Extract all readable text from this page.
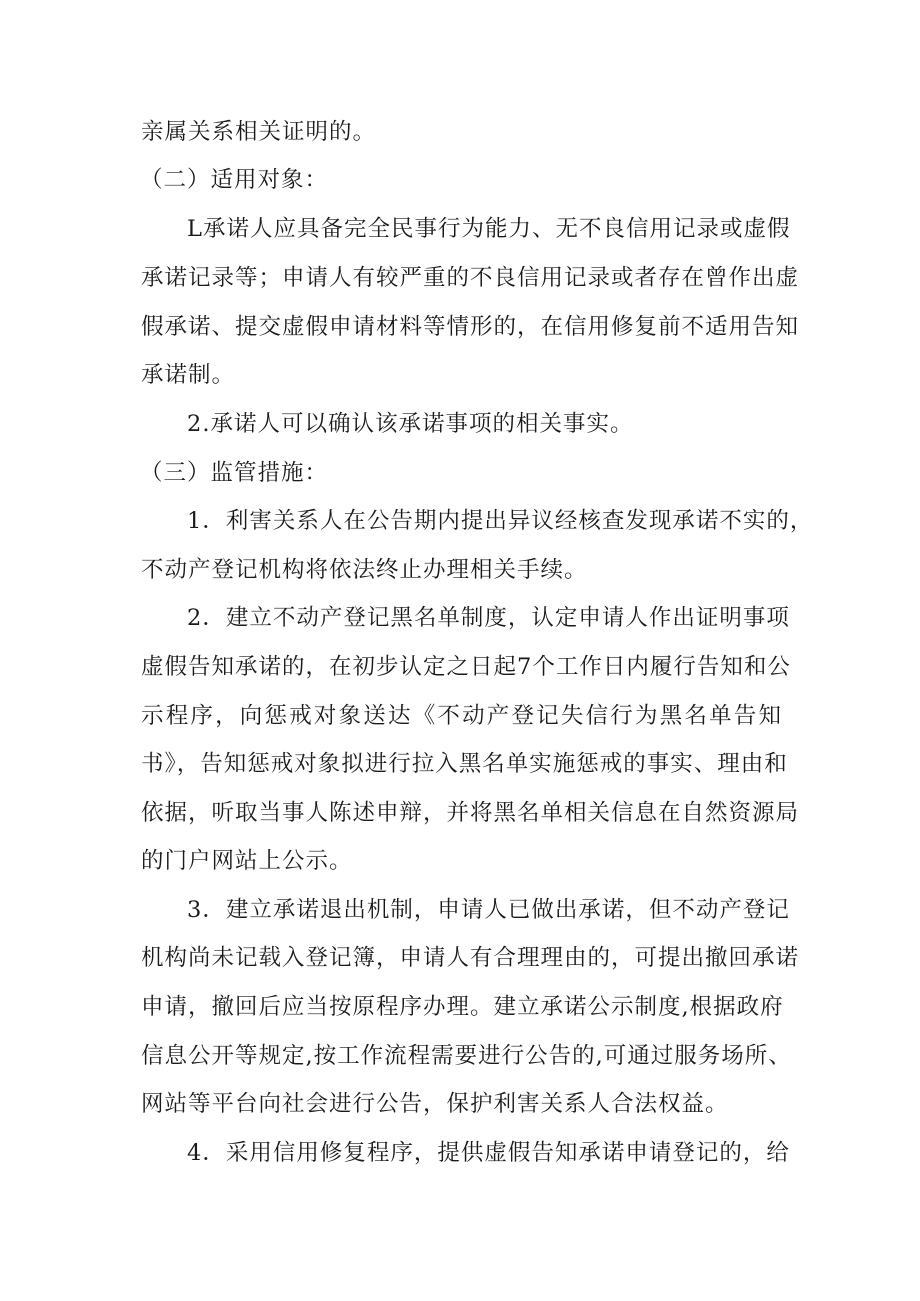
亲属关系相关证明的。
（二）适用对象：
L承诺人应具备完全民事行为能力、无不良信用记录或虚假
承诺记录等；申请人有较严重的不良信用记录或者存在曾作出虚
假承诺、提交虚假申请材料等情形的，在信用修复前不适用告知
承诺制。
2.承诺人可以确认该承诺事项的相关事实。
（三）监管措施：
1．利害关系人在公告期内提出异议经核查发现承诺不实的，
不动产登记机构将依法终止办理相关手续。
2．建立不动产登记黑名单制度，认定申请人作出证明事项
虚假告知承诺的，在初步认定之日起7个工作日内履行告知和公
示程序，向惩戒对象送达《不动产登记失信行为黑名单告知
书》，告知惩戒对象拟进行拉入黑名单实施惩戒的事实、理由和
依据，听取当事人陈述申辩，并将黑名单相关信息在自然资源局
的门户网站上公示。
3．建立承诺退出机制，申请人已做出承诺，但不动产登记
机构尚未记载入登记簿，申请人有合理理由的，可提出撤回承诺
申请，撤回后应当按原程序办理。建立承诺公示制度,根据政府
信息公开等规定,按工作流程需要进行公告的,可通过服务场所、
网站等平台向社会进行公告，保护利害关系人合法权益。
4．采用信用修复程序，提供虚假告知承诺申请登记的，给
